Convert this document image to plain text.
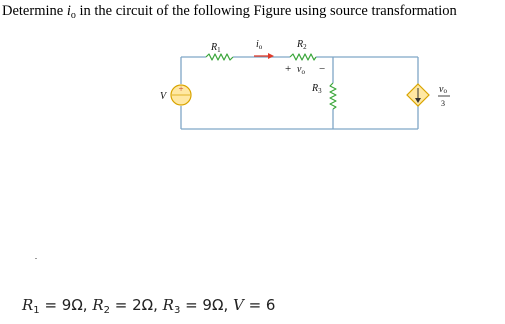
Determine $i_o$ in the circuit of the following Figure using source transformation
+
$R_1$	$i_o$	$R_2$
+ $v_o$ −
$R_3$
V
vo
3
$R_1 = 9\Omega$, $R_2 = 2\Omega$, $R_3 = 9\Omega$, V = 6
